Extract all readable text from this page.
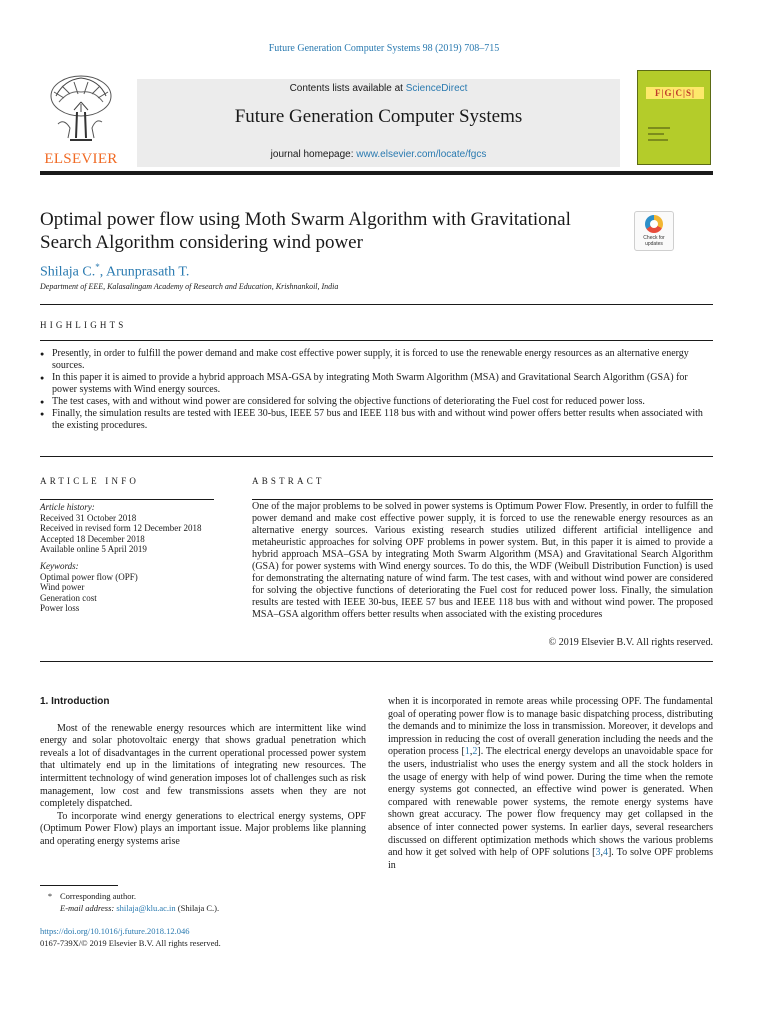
Future Generation Computer Systems 98 (2019) 708–715
ELSEVIER
Contents lists available at ScienceDirect
Future Generation Computer Systems
journal homepage: www.elsevier.com/locate/fgcs
F|G|C|S|
Optimal power flow using Moth Swarm Algorithm with Gravitational
Search Algorithm considering wind power	Check for updates
Shilaja C.*, Arunprasath T.
Department of EEE, Kalasalingam Academy of Research and Education, Krishnankoil, India
HIGHLIGHTS
● Presently, in order to fulfill the power demand and make cost effective power supply, it is forced to use the renewable energy resources as an alternative energy sources.
● In this paper it is aimed to provide a hybrid approach MSA-GSA by integrating Moth Swarm Algorithm (MSA) and Gravitational Search Algorithm (GSA) for power systems with Wind energy sources.
● The test cases, with and without wind power are considered for solving the objective functions of deteriorating the Fuel cost for reduced power loss.
● Finally, the simulation results are tested with IEEE 30-bus, IEEE 57 bus and IEEE 118 bus with and without wind power offers better results when associated with the existing procedures.
ARTICLE INFO	ABSTRACT
Article history:
Received 31 October 2018
Received in revised form 12 December 2018
Accepted 18 December 2018
Available online 5 April 2019
Keywords:
Optimal power flow (OPF)
Wind power
Generation cost
Power loss
One of the major problems to be solved in power systems is Optimum Power Flow. Presently, in order to fulfill the power demand and make cost effective power supply, it is forced to use the renewable energy resources as an alternative energy sources. Various existing research studies utilized different artificial intelligence and metaheuristic approaches for solving OPF problems in power system. But, in this paper it is aimed to provide a hybrid approach MSA–GSA by integrating Moth Swarm Algorithm (MSA) and Gravitational Search Algorithm (GSA) for power systems with Wind energy sources. To do this, the WDF (Weibull Distribution Function) is used for demonstrating the alternating nature of wind farm. The test cases, with and without wind power are considered for solving the objective functions of deteriorating the Fuel cost for reduced power loss. Finally, the simulation results are tested with IEEE 30-bus, IEEE 57 bus and IEEE 118 bus with and without wind power. The proposed MSA–GSA algorithm offers better results when associated with the existing procedures
© 2019 Elsevier B.V. All rights reserved.
1. Introduction

Most of the renewable energy resources which are intermittent like wind energy and solar photovoltaic energy that shows gradual penetration which reveals a lot of disadvantages in the current operational processed power system that ultimately end up in the limitations of integrating new resources. The intermittent technology of wind generation imposes lot of challenges such as risk management, low cost and few transmissions assets when they are not completely dispatched.

To incorporate wind energy generations to electrical energy systems, OPF (Optimum Power Flow) plays an important issue. Major problems like planning and operating energy systems arise

when it is incorporated in remote areas while processing OPF. The fundamental goal of operating power flow is to manage basic dispatching process, distributing the demands and to minimize the loss in transmission. Moreover, it develops and impression in reducing the cost of overall generation including the needs and the operation process [1,2]. The electrical energy develops an unavoidable space for the users, industrialist who uses the energy system and all the stock holders in the usage of energy with help of wind power. During the time when the remote energy systems got connected, an effective wind power is generated. When compared with renewable power systems, the remote energy systems have shown great accuracy. The power flow frequency may get collapsed in the absence of inter connected power systems. In earlier days, several researchers discussed on different optimization methods which shows the various problems and how it get solved with help of OPF solutions [3,4]. To solve OPF problems in

* Corresponding author.
E-mail address: shilaja@klu.ac.in (Shilaja C.).
https://doi.org/10.1016/j.future.2018.12.046
0167-739X/© 2019 Elsevier B.V. All rights reserved.
